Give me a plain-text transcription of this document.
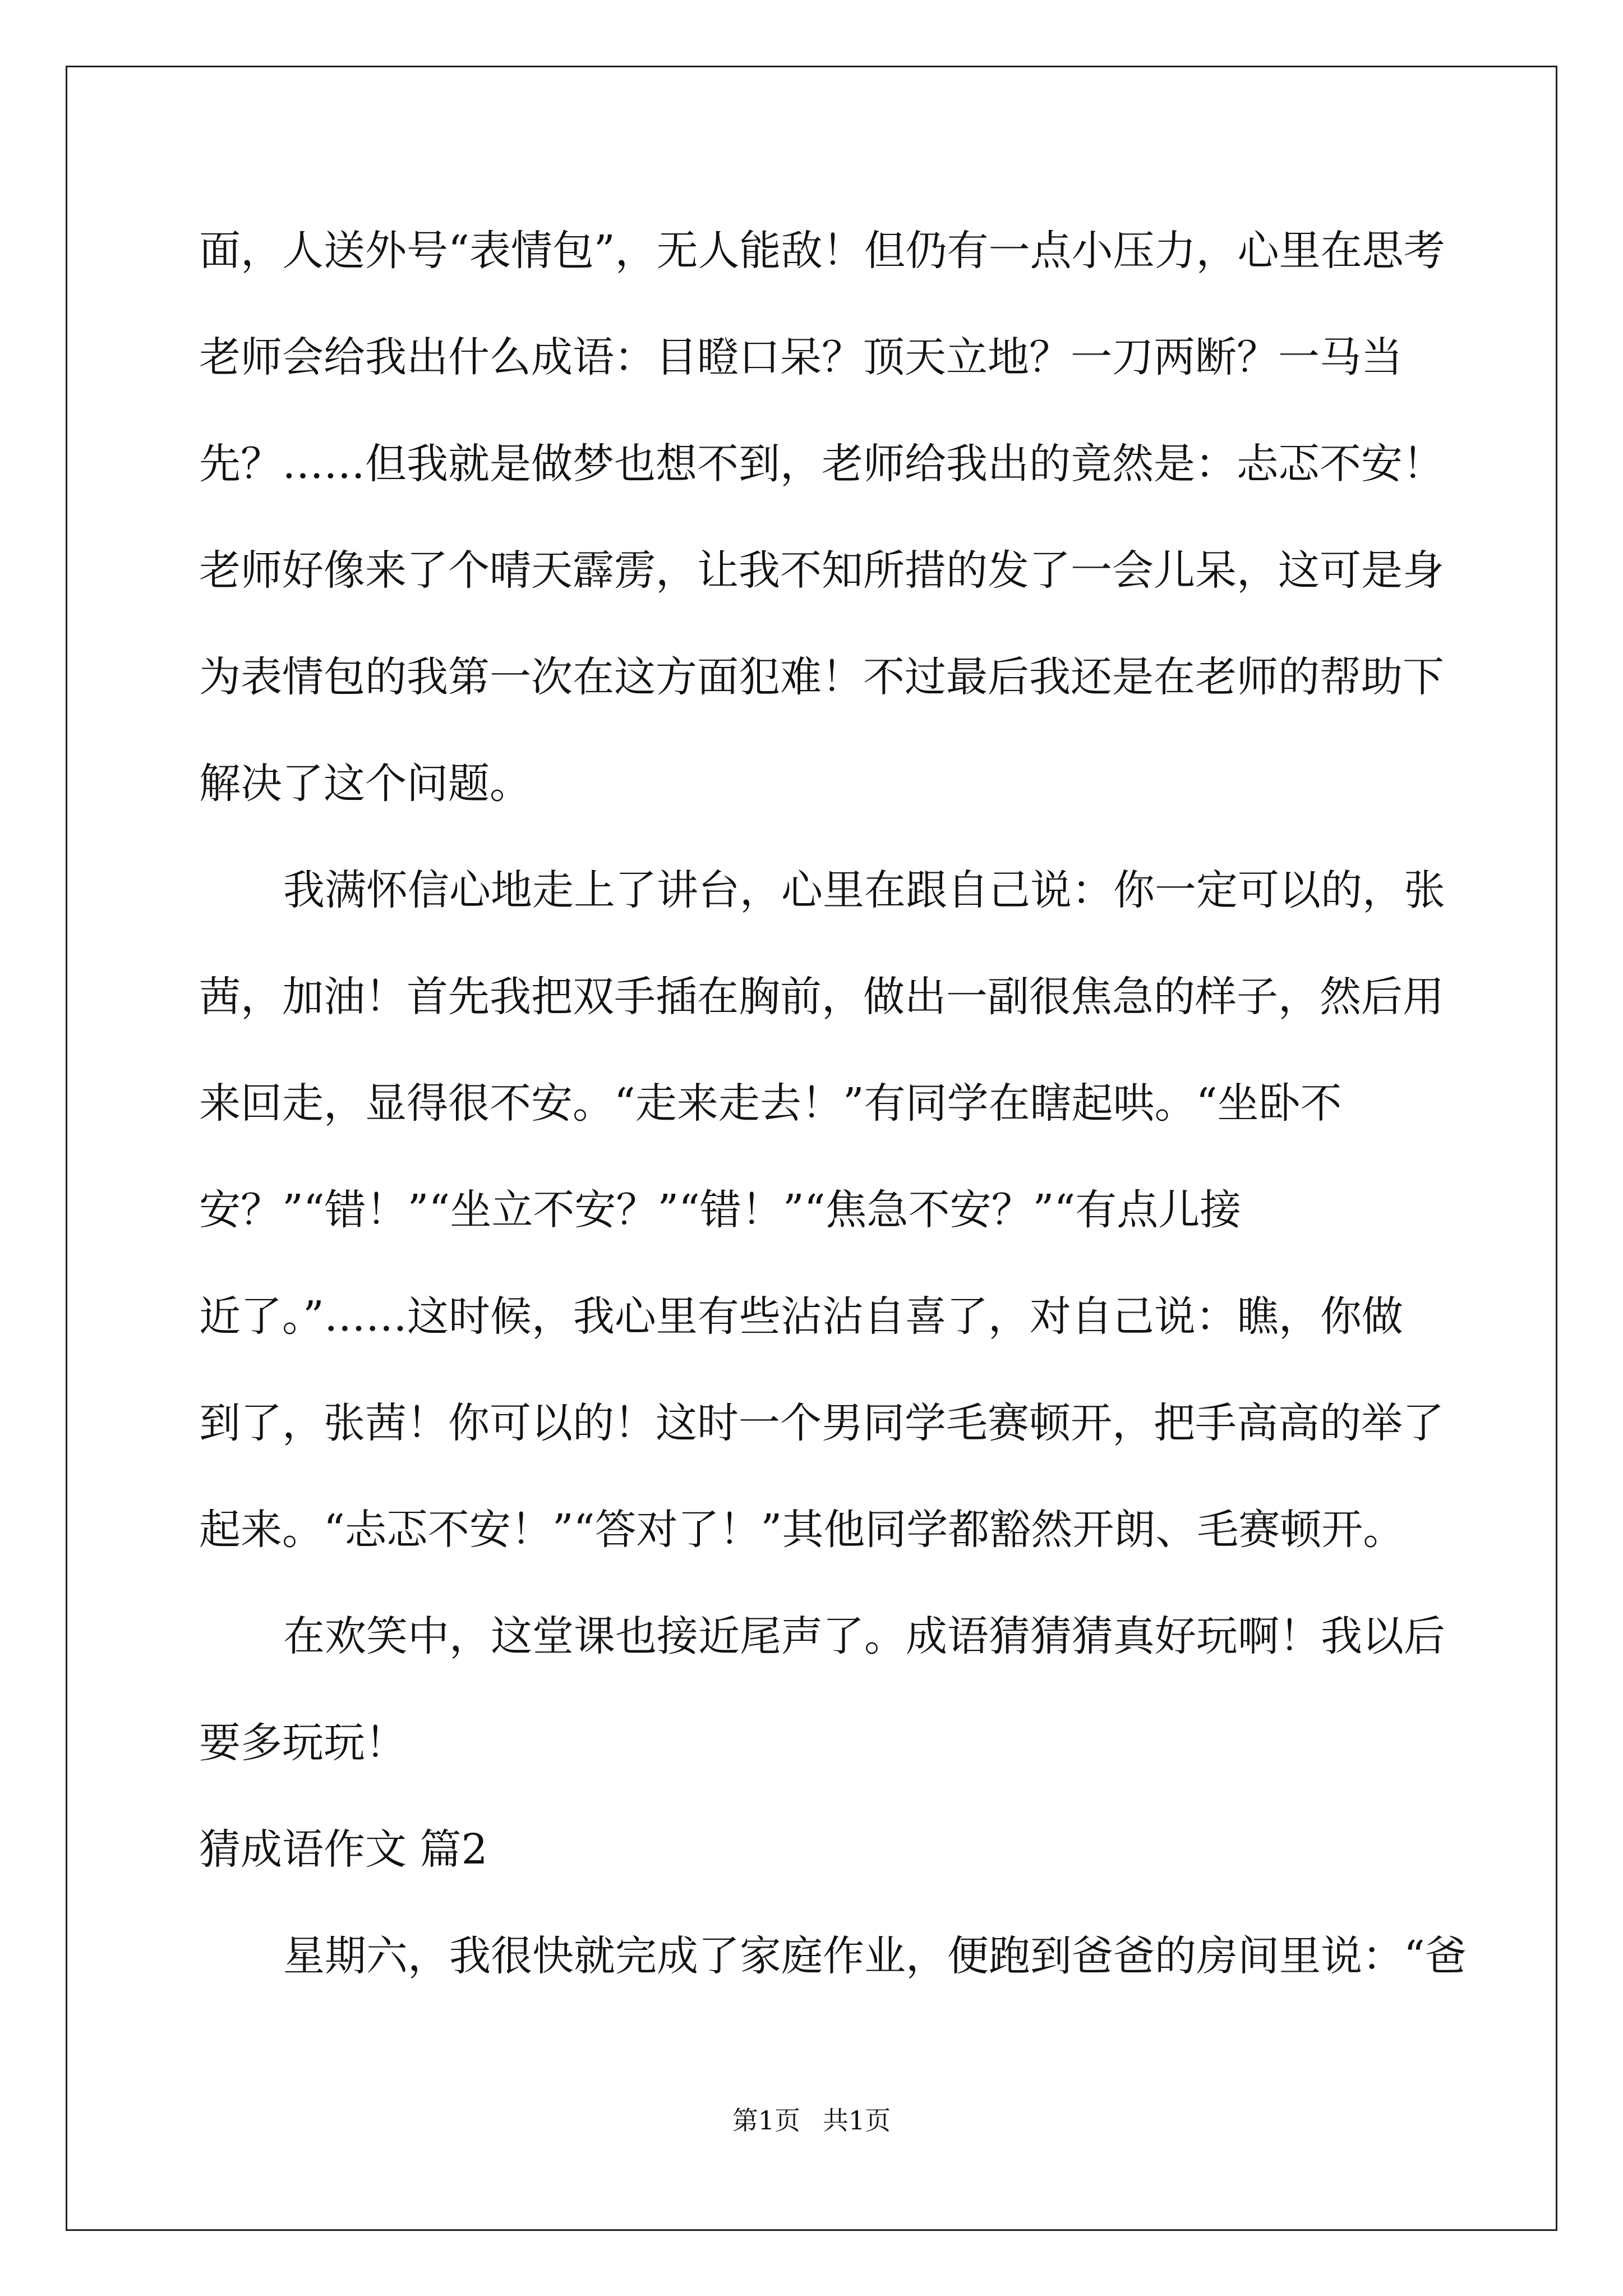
面，人送外号“表情包”，无人能敌！但仍有一点小压力，心里在思考
老师会给我出什么成语：目瞪口呆？顶天立地？一刀两断？一马当
先？……但我就是做梦也想不到，老师给我出的竟然是：忐忑不安！
老师好像来了个晴天霹雳，让我不知所措的发了一会儿呆，这可是身
为表情包的我第一次在这方面犯难！不过最后我还是在老师的帮助下
解决了这个问题。
我满怀信心地走上了讲台，心里在跟自己说：你一定可以的，张
茜，加油！首先我把双手插在胸前，做出一副很焦急的样子，然后用
来回走，显得很不安。“走来走去！”有同学在瞎起哄。“坐卧不
安？”“错！”“坐立不安？”“错！”“焦急不安？”“有点儿接
近了。”……这时候，我心里有些沾沾自喜了，对自己说：瞧，你做
到了，张茜！你可以的！这时一个男同学毛赛顿开，把手高高的举了
起来。“忐忑不安！”“答对了！”其他同学都豁然开朗、毛赛顿开。
在欢笑中，这堂课也接近尾声了。成语猜猜猜真好玩啊！我以后
要多玩玩！
猜成语作文 篇2
星期六，我很快就完成了家庭作业，便跑到爸爸的房间里说：“爸
第1页 共1页
